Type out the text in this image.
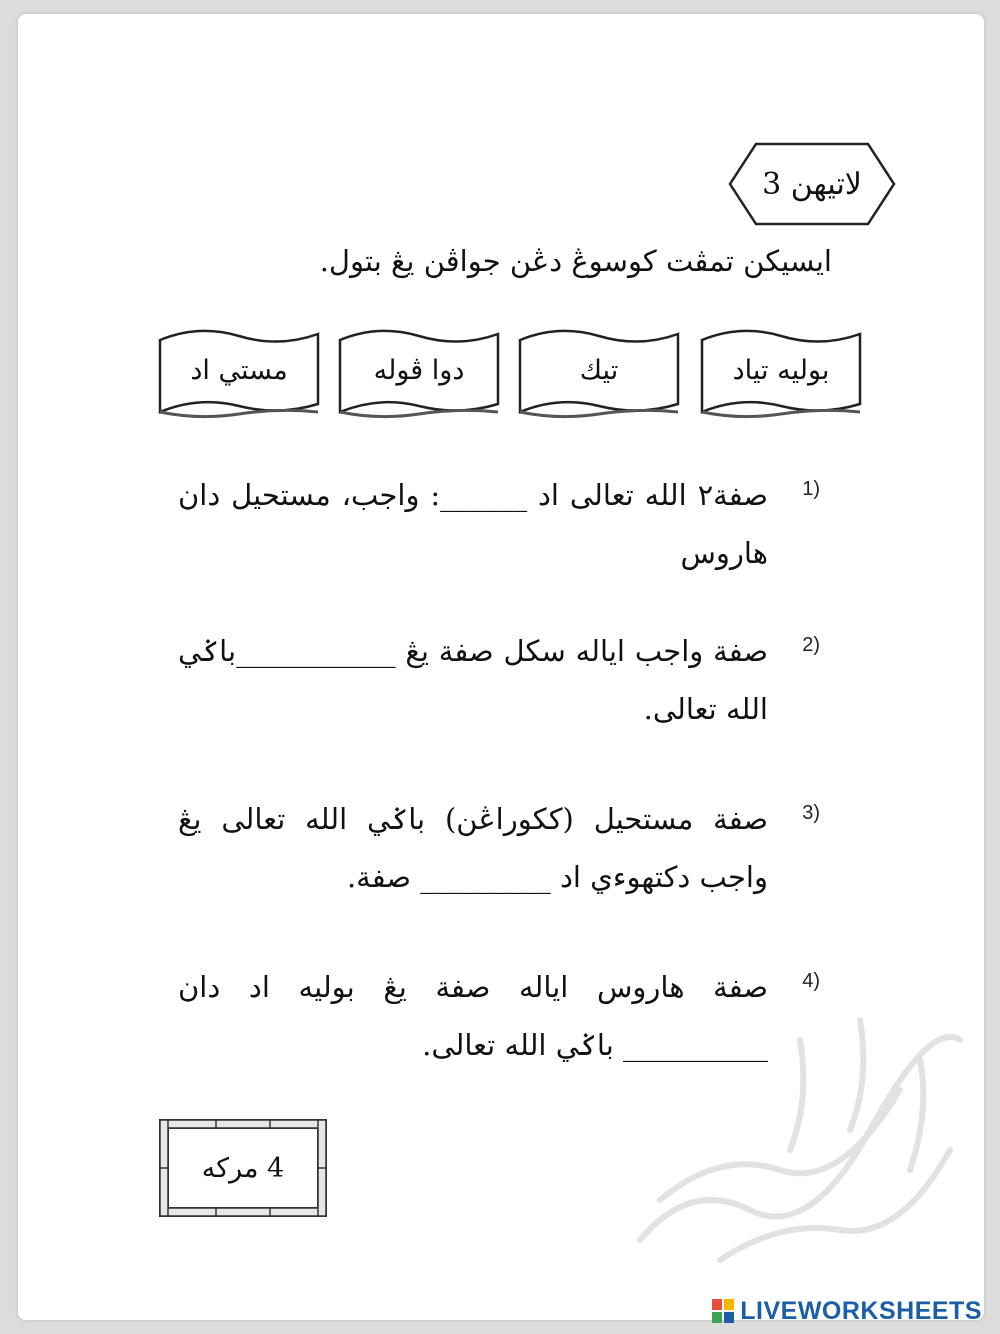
لاتيهن 3
ايسيكن تمڤت کوسوڠ دڠن جواڤن يڠ بتول.
بوليه تياد
تيك
دوا ڤوله
مستي اد
1)
صفة٢ الله تعالى اد ______: واجب، مستحيل دان هاروس
2)
صفة واجب اياله سكل صفة يڠ ___________باݢي الله تعالى.
3)
صفة مستحيل (ككوراڠن) باݢي الله تعالى يڠ واجب دکتهوءي اد _________ صفة.
4)
صفة هاروس اياله صفة يڠ بوليه اد دان __________ باݢي الله تعالى.
4 مرکه
LIVEWORKSHEETS
